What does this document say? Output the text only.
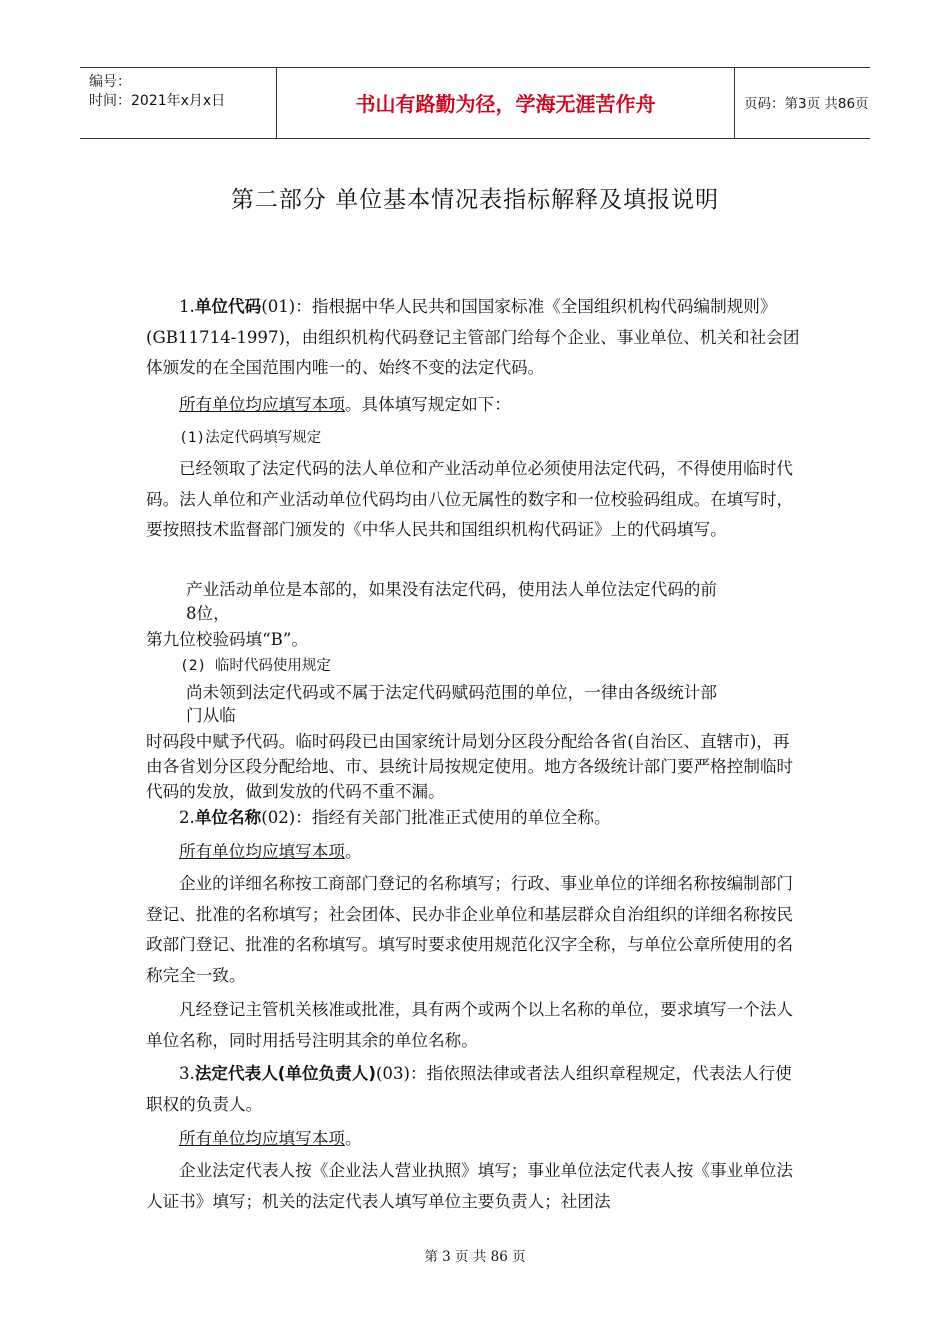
编号：
时间：2021年x月x日	书山有路勤为径，学海无涯苦作舟	页码：第3页 共86页
第二部分 单位基本情况表指标解释及填报说明

1.单位代码(01)：指根据中华人民共和国国家标准《全国组织机构代码编制规则》(GB11714-1997)，由组织机构代码登记主管部门给每个企业、事业单位、机关和社会团体颁发的在全国范围内唯一的、始终不变的法定代码。

所有单位均应填写本项。具体填写规定如下：

(1)法定代码填写规定

已经领取了法定代码的法人单位和产业活动单位必须使用法定代码，不得使用临时代码。法人单位和产业活动单位代码均由八位无属性的数字和一位校验码组成。在填写时，要按照技术监督部门颁发的《中华人民共和国组织机构代码证》上的代码填写。

产业活动单位是本部的，如果没有法定代码，使用法人单位法定代码的前

8位，

第九位校验码填“B”。

(2) 临时代码使用规定

尚未领到法定代码或不属于法定代码赋码范围的单位，一律由各级统计部

门从临

时码段中赋予代码。临时码段已由国家统计局划分区段分配给各省(自治区、直辖市)，再由各省划分区段分配给地、市、县统计局按规定使用。地方各级统计部门要严格控制临时代码的发放，做到发放的代码不重不漏。

2.单位名称(02)：指经有关部门批准正式使用的单位全称。

所有单位均应填写本项。

企业的详细名称按工商部门登记的名称填写；行政、事业单位的详细名称按编制部门登记、批准的名称填写；社会团体、民办非企业单位和基层群众自治组织的详细名称按民政部门登记、批准的名称填写。填写时要求使用规范化汉字全称，与单位公章所使用的名称完全一致。

凡经登记主管机关核准或批准，具有两个或两个以上名称的单位，要求填写一个法人单位名称，同时用括号注明其余的单位名称。

3.法定代表人(单位负责人)(03)：指依照法律或者法人组织章程规定，代表法人行使职权的负责人。

所有单位均应填写本项。

企业法定代表人按《企业法人营业执照》填写；事业单位法定代表人按《事业单位法人证书》填写；机关的法定代表人填写单位主要负责人；社团法

第 3 页 共 86 页
